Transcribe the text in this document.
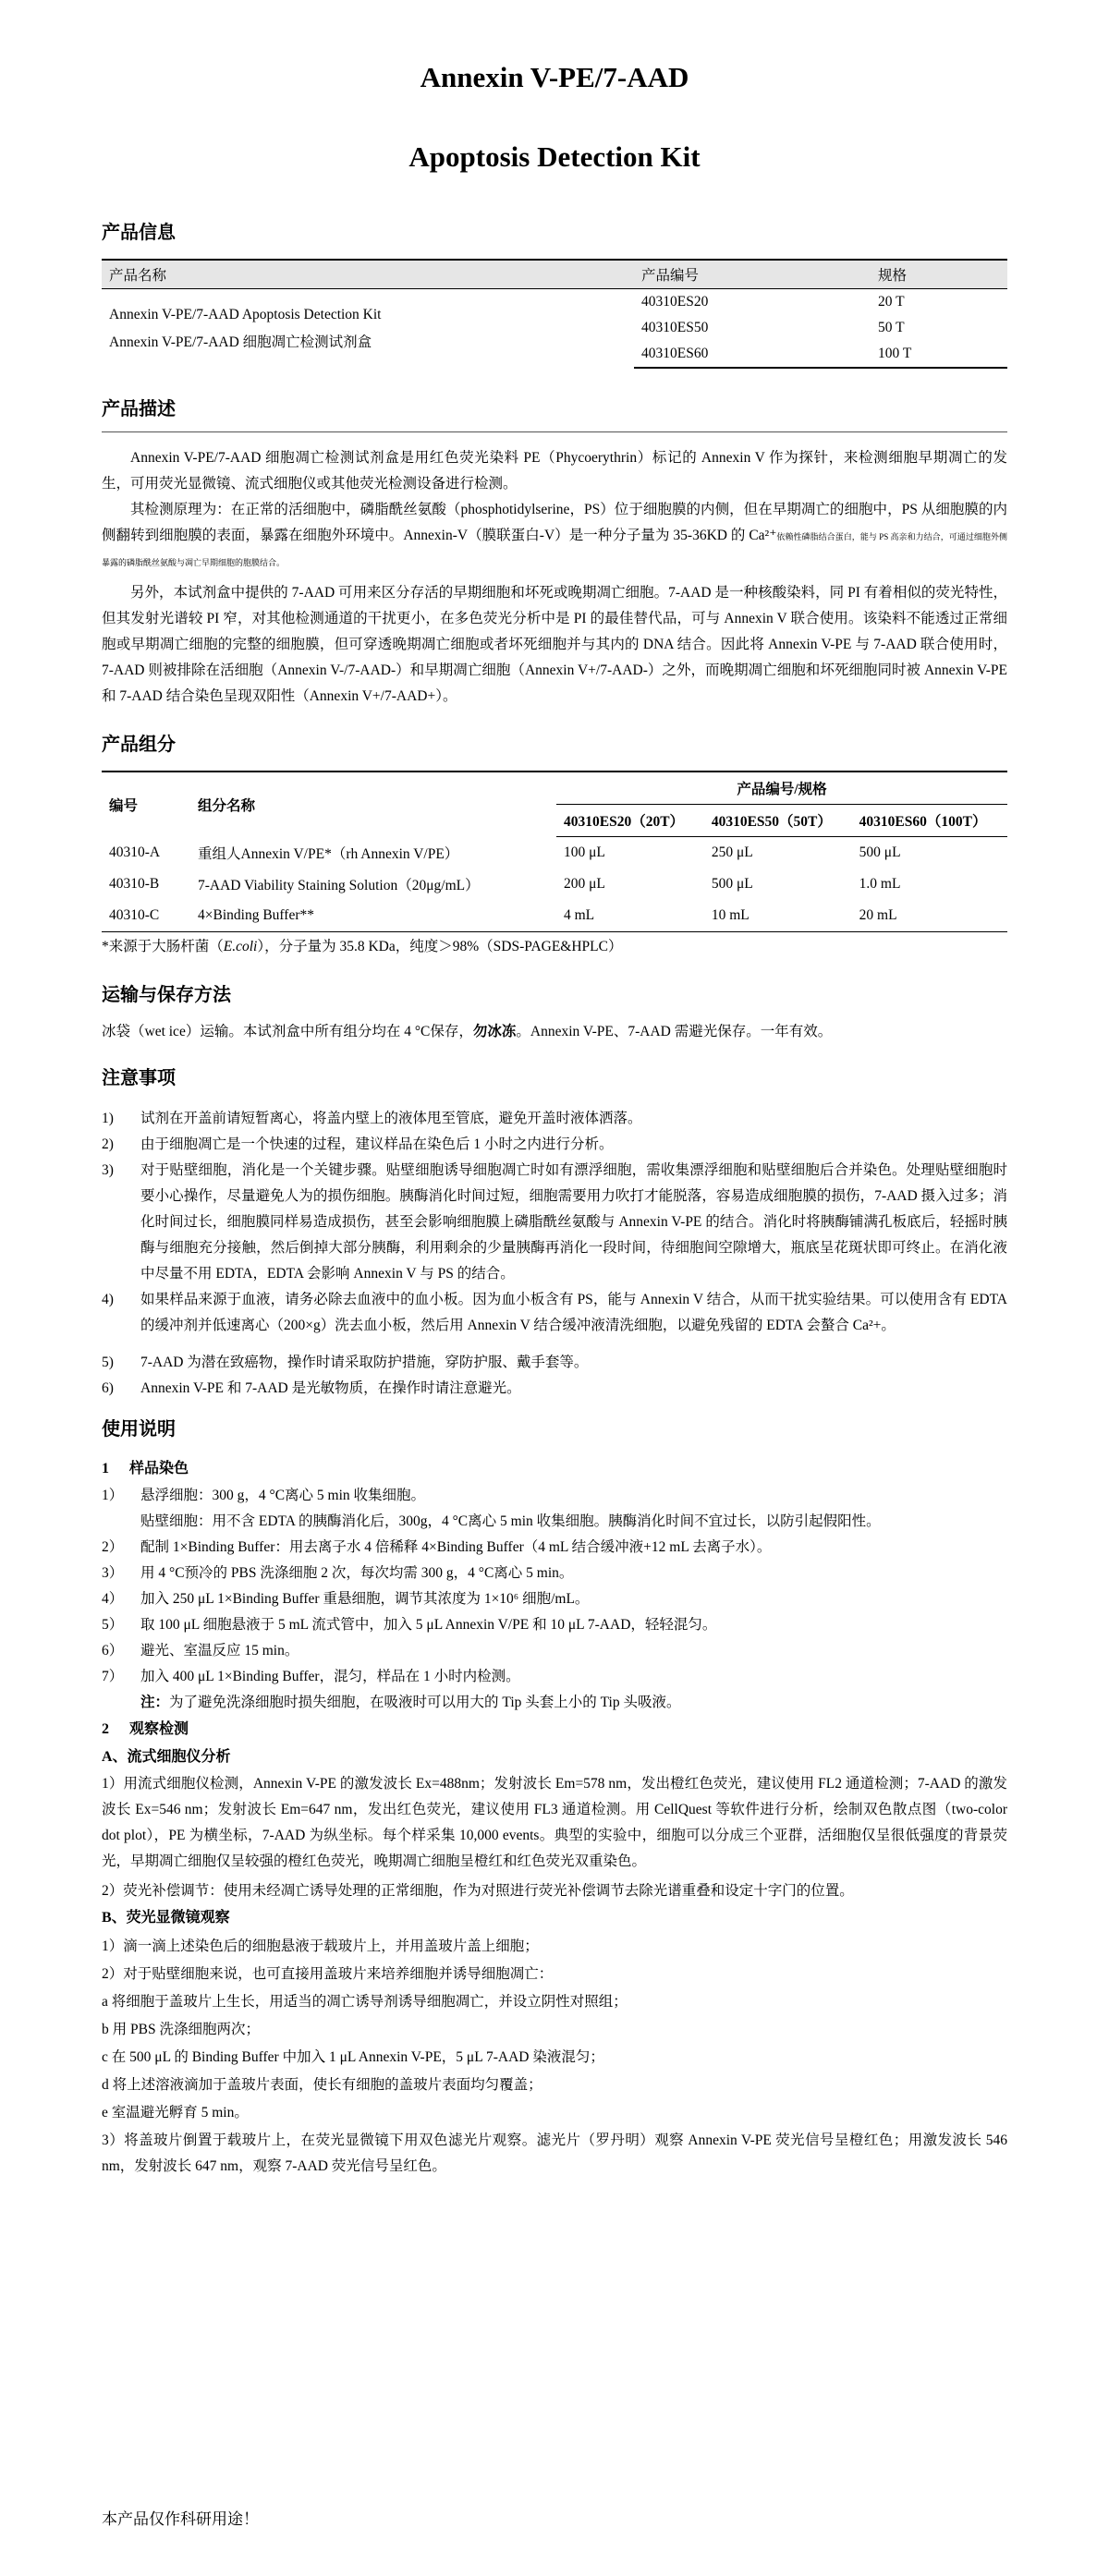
Annexin V-PE/7-AAD
Apoptosis Detection Kit
产品信息
产品名称	产品编号	规格

Annexin V-PE/7-AAD Apoptosis Detection Kit
Annexin V-PE/7-AAD 细胞凋亡检测试剂盒	40310ES20	20 T
	40310ES50	50 T
	40310ES60	100 T
产品描述

Annexin V-PE/7-AAD 细胞凋亡检测试剂盒是用红色荧光染料 PE（Phycoerythrin）标记的 Annexin V 作为探针，来检测细胞早期凋亡的发生，可用荧光显微镜、流式细胞仪或其他荧光检测设备进行检测。

其检测原理为：在正常的活细胞中，磷脂酰丝氨酸（phosphotidylserine，PS）位于细胞膜的内侧，但在早期凋亡的细胞中，PS 从细胞膜的内侧翻转到细胞膜的表面，暴露在细胞外环境中。Annexin-V（膜联蛋白-V）是一种分子量为 35-36KD 的 Ca²⁺依赖性磷脂结合蛋白，能与 PS 高亲和力结合，可通过细胞外侧暴露的磷脂酰丝氨酸与凋亡早期细胞的胞膜结合。

另外，本试剂盒中提供的 7-AAD 可用来区分存活的早期细胞和坏死或晚期凋亡细胞。7-AAD 是一种核酸染料，同 PI 有着相似的荧光特性，但其发射光谱较 PI 窄，对其他检测通道的干扰更小，在多色荧光分析中是 PI 的最佳替代品，可与 Annexin V 联合使用。该染料不能透过正常细胞或早期凋亡细胞的完整的细胞膜，但可穿透晚期凋亡细胞或者坏死细胞并与其内的 DNA 结合。因此将 Annexin V-PE 与 7-AAD 联合使用时，7-AAD 则被排除在活细胞（Annexin V-/7-AAD-）和早期凋亡细胞（Annexin V+/7-AAD-）之外，而晚期凋亡细胞和坏死细胞同时被 Annexin V-PE 和 7-AAD 结合染色呈现双阳性（Annexin V+/7-AAD+）。

产品组分
编号	组分名称	产品编号/规格		
		40310ES20（20T）	40310ES50（50T）	40310ES60（100T）
40310-A	重组人Annexin V/PE*（rh Annexin V/PE）	100 μL	250 μL	500 μL
40310-B	7-AAD Viability Staining Solution（20μg/mL）	200 μL	500 μL	1.0 mL
40310-C	4×Binding Buffer**	4 mL	10 mL	20 mL
*来源于大肠杆菌（E.coli），分子量为 35.8 KDa，纯度＞98%（SDS-PAGE&HPLC）
运输与保存方法

冰袋（wet ice）运输。本试剂盒中所有组分均在 4 °C保存，勿冰冻。Annexin V-PE、7-AAD 需避光保存。一年有效。

注意事项
1)	试剂在开盖前请短暂离心，将盖内壁上的液体甩至管底，避免开盖时液体洒落。
2)	由于细胞凋亡是一个快速的过程，建议样品在染色后 1 小时之内进行分析。
3)	对于贴壁细胞，消化是一个关键步骤。贴壁细胞诱导细胞凋亡时如有漂浮细胞，需收集漂浮细胞和贴壁细胞后合并染色。处理贴壁细胞时要小心操作，尽量避免人为的损伤细胞。胰酶消化时间过短，细胞需要用力吹打才能脱落，容易造成细胞膜的损伤，7-AAD 摄入过多；消化时间过长，细胞膜同样易造成损伤，甚至会影响细胞膜上磷脂酰丝氨酸与 Annexin V-PE 的结合。消化时将胰酶铺满孔板底后，轻摇时胰酶与细胞充分接触，然后倒掉大部分胰酶，利用剩余的少量胰酶再消化一段时间，待细胞间空隙增大，瓶底呈花斑状即可终止。在消化液中尽量不用 EDTA，EDTA 会影响 Annexin V 与 PS 的结合。
4)	如果样品来源于血液，请务必除去血液中的血小板。因为血小板含有 PS，能与 Annexin V 结合，从而干扰实验结果。可以使用含有 EDTA 的缓冲剂并低速离心（200×g）洗去血小板，然后用 Annexin V 结合缓冲液清洗细胞，以避免残留的 EDTA 会螯合 Ca²+。
5)	7-AAD 为潜在致癌物，操作时请采取防护措施，穿防护服、戴手套等。
6)	Annexin V-PE 和 7-AAD 是光敏物质，在操作时请注意避光。
使用说明
1 样品染色
1）	悬浮细胞：300 g，4 °C离心 5 min 收集细胞。
贴壁细胞：用不含 EDTA 的胰酶消化后，300g，4 °C离心 5 min 收集细胞。胰酶消化时间不宜过长，以防引起假阳性。
2）	配制 1×Binding Buffer：用去离子水 4 倍稀释 4×Binding Buffer（4 mL 结合缓冲液+12 mL 去离子水）。
3）	用 4 °C预冷的 PBS 洗涤细胞 2 次，每次均需 300 g，4 °C离心 5 min。
4）	加入 250 μL 1×Binding Buffer 重悬细胞，调节其浓度为 1×10⁶ 细胞/mL。
5）	取 100 μL 细胞悬液于 5 mL 流式管中，加入 5 μL Annexin V/PE 和 10 μL 7-AAD，轻轻混匀。
6）	避光、室温反应 15 min。
7）	加入 400 μL 1×Binding Buffer，混匀，样品在 1 小时内检测。
注：为了避免洗涤细胞时损失细胞，在吸液时可以用大的 Tip 头套上小的 Tip 头吸液。
2 观察检测
A、流式细胞仪分析

1）用流式细胞仪检测，Annexin V-PE 的激发波长 Ex=488nm；发射波长 Em=578 nm，发出橙红色荧光，建议使用 FL2 通道检测；7-AAD 的激发波长 Ex=546 nm；发射波长 Em=647 nm，发出红色荧光，建议使用 FL3 通道检测。用 CellQuest 等软件进行分析，绘制双色散点图（two-color dot plot），PE 为横坐标，7-AAD 为纵坐标。每个样采集 10,000 events。典型的实验中，细胞可以分成三个亚群，活细胞仅呈很低强度的背景荧光，早期凋亡细胞仅呈较强的橙红色荧光，晚期凋亡细胞呈橙红和红色荧光双重染色。

2）荧光补偿调节：使用未经凋亡诱导处理的正常细胞，作为对照进行荧光补偿调节去除光谱重叠和设定十字门的位置。

B、荧光显微镜观察

1）滴一滴上述染色后的细胞悬液于载玻片上，并用盖玻片盖上细胞；

2）对于贴壁细胞来说，也可直接用盖玻片来培养细胞并诱导细胞凋亡：

a 将细胞于盖玻片上生长，用适当的凋亡诱导剂诱导细胞凋亡，并设立阴性对照组；

b 用 PBS 洗涤细胞两次；

c 在 500 μL 的 Binding Buffer 中加入 1 μL Annexin V-PE，5 μL 7-AAD 染液混匀；

d 将上述溶液滴加于盖玻片表面，使长有细胞的盖玻片表面均匀覆盖；

e 室温避光孵育 5 min。

3）将盖玻片倒置于载玻片上，在荧光显微镜下用双色滤光片观察。滤光片（罗丹明）观察 Annexin V-PE 荧光信号呈橙红色；用激发波长 546 nm，发射波长 647 nm，观察 7-AAD 荧光信号呈红色。

本产品仅作科研用途！
